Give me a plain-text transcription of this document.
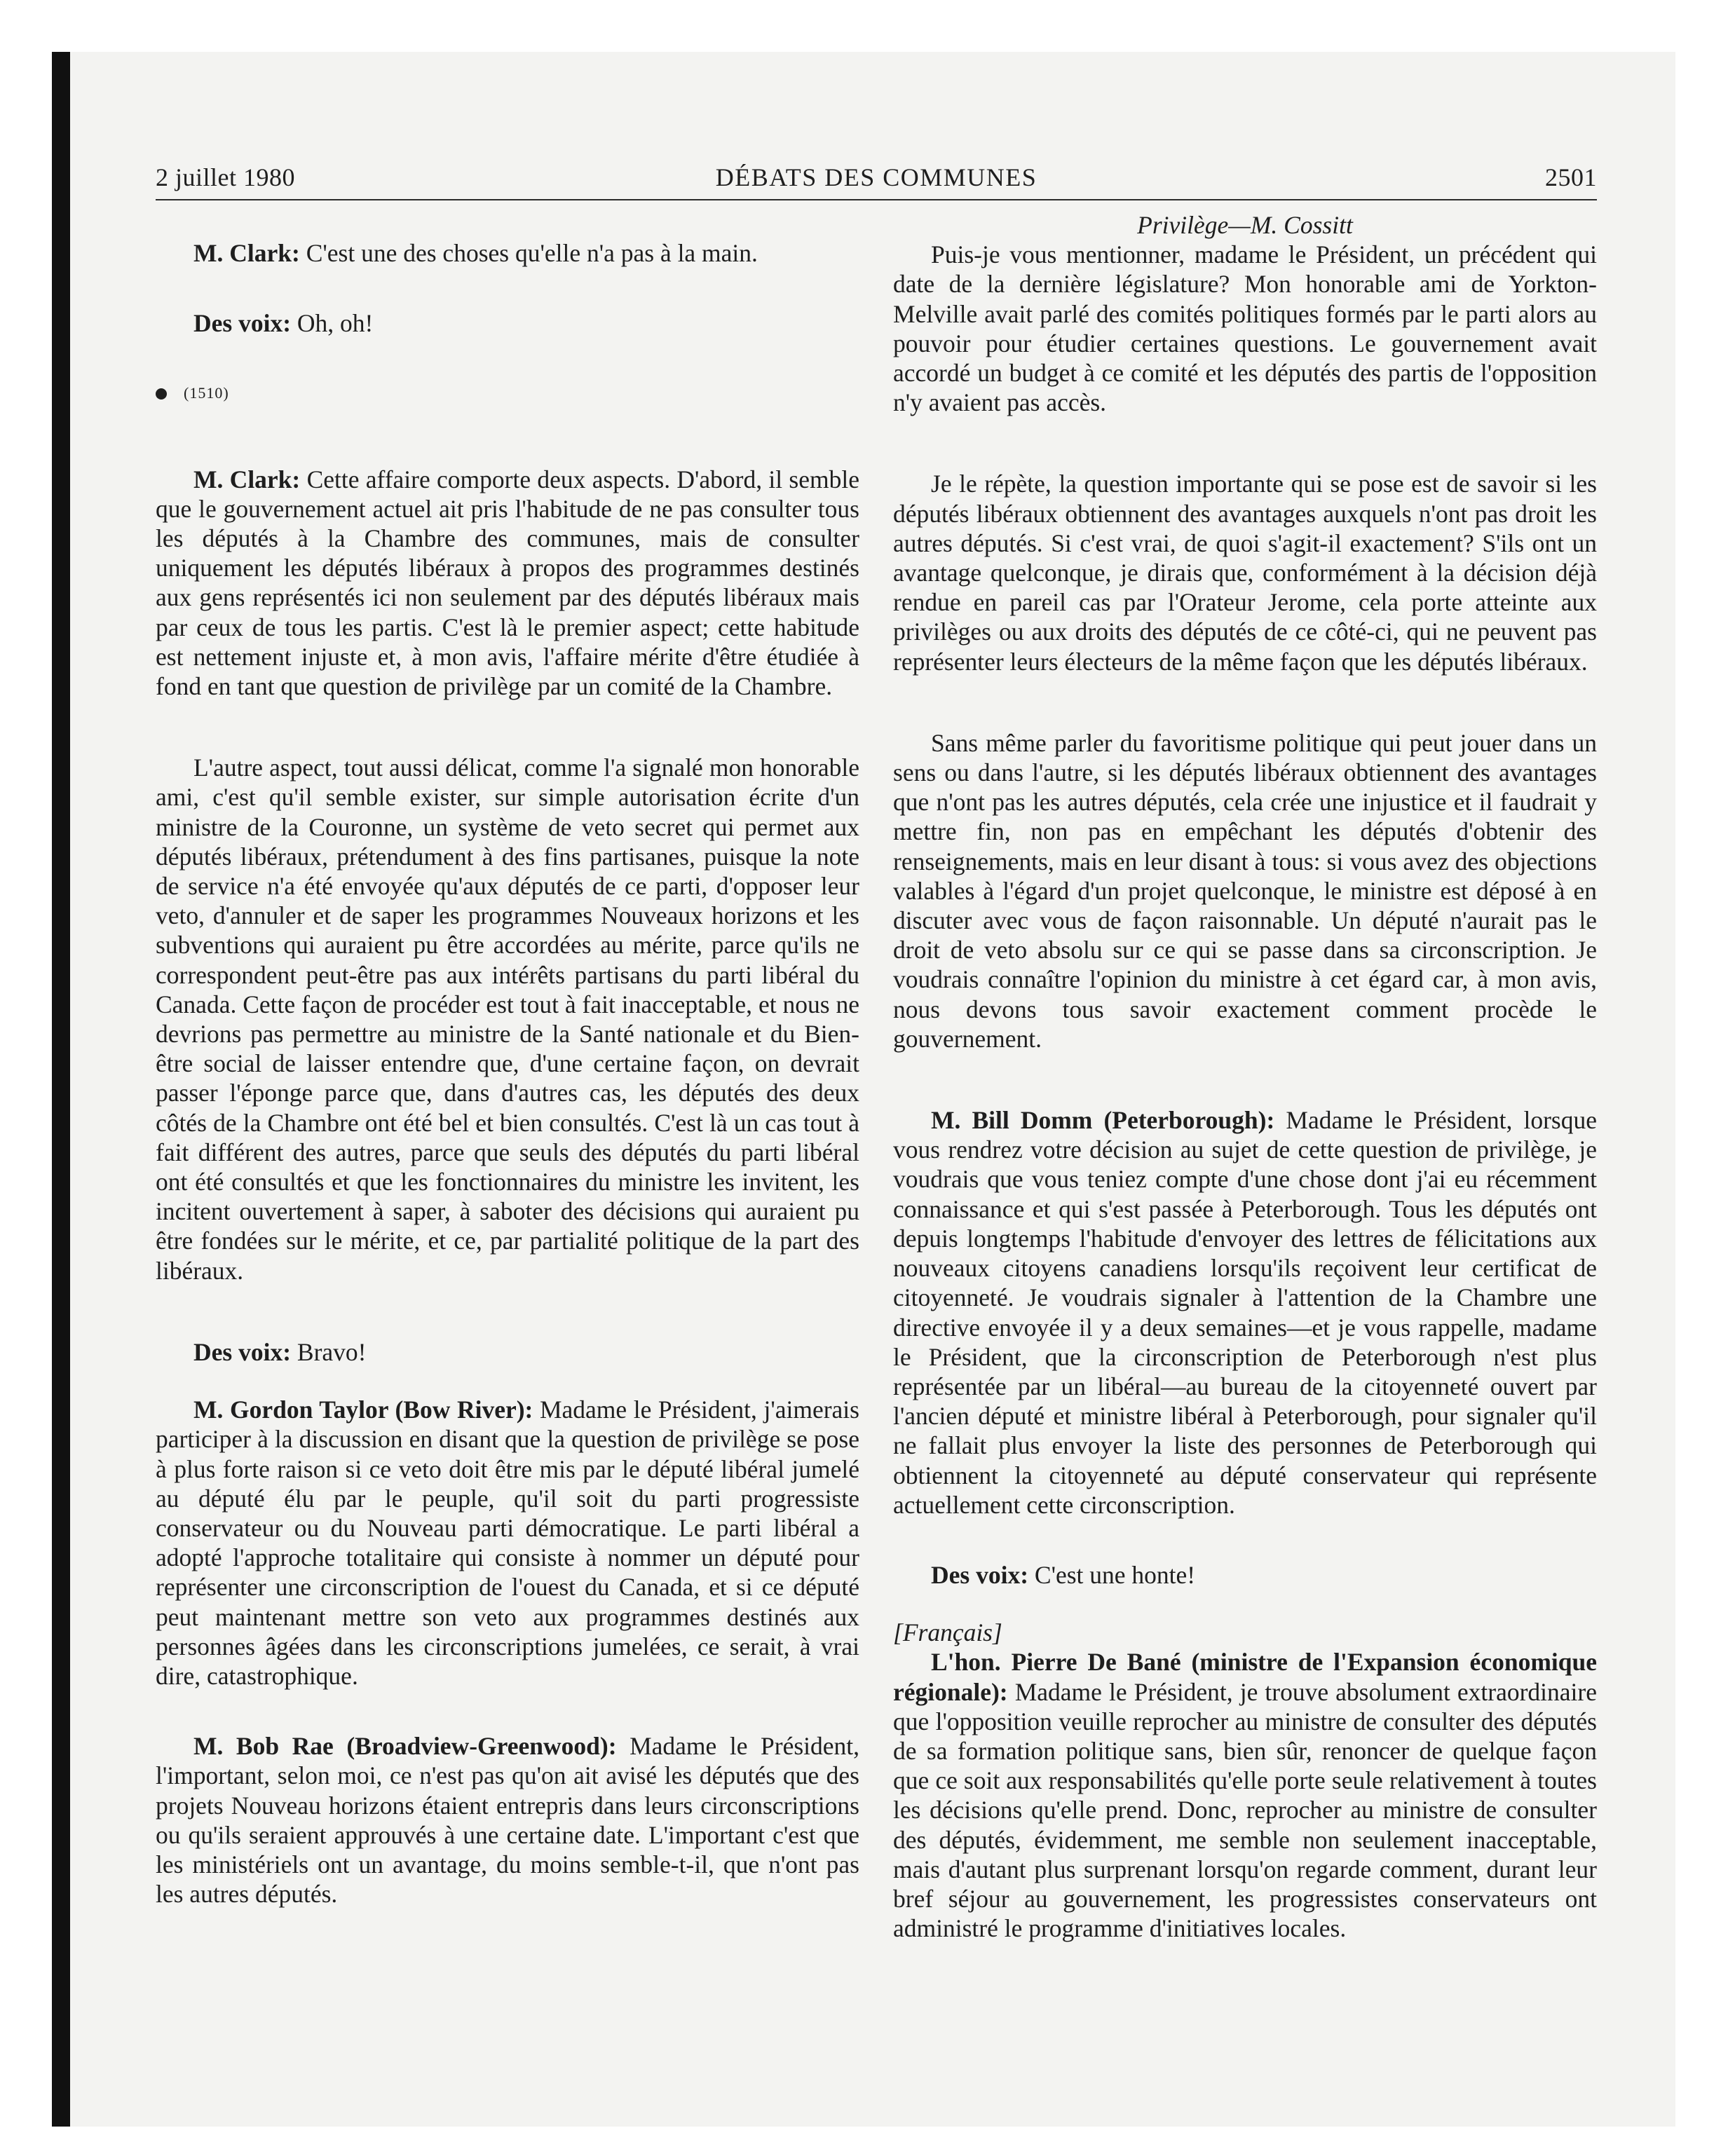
2 juillet 1980	DÉBATS DES COMMUNES	2501

M. Clark: C'est une des choses qu'elle n'a pas à la main.

Des voix: Oh, oh!

(1510)

M. Clark: Cette affaire comporte deux aspects. D'abord, il semble que le gouvernement actuel ait pris l'habitude de ne pas consulter tous les députés à la Chambre des communes, mais de consulter uniquement les députés libéraux à propos des programmes destinés aux gens représentés ici non seulement par des députés libéraux mais par ceux de tous les partis. C'est là le premier aspect; cette habitude est nettement injuste et, à mon avis, l'affaire mérite d'être étudiée à fond en tant que question de privilège par un comité de la Chambre.

L'autre aspect, tout aussi délicat, comme l'a signalé mon honorable ami, c'est qu'il semble exister, sur simple autorisation écrite d'un ministre de la Couronne, un système de veto secret qui permet aux députés libéraux, prétendument à des fins partisanes, puisque la note de service n'a été envoyée qu'aux députés de ce parti, d'opposer leur veto, d'annuler et de saper les programmes Nouveaux horizons et les subventions qui auraient pu être accordées au mérite, parce qu'ils ne correspondent peut-être pas aux intérêts partisans du parti libéral du Canada. Cette façon de procéder est tout à fait inacceptable, et nous ne devrions pas permettre au ministre de la Santé nationale et du Bien-être social de laisser entendre que, d'une certaine façon, on devrait passer l'éponge parce que, dans d'autres cas, les députés des deux côtés de la Chambre ont été bel et bien consultés. C'est là un cas tout à fait différent des autres, parce que seuls des députés du parti libéral ont été consultés et que les fonctionnaires du ministre les invitent, les incitent ouvertement à saper, à saboter des décisions qui auraient pu être fondées sur le mérite, et ce, par partialité politique de la part des libéraux.

Des voix: Bravo!

M. Gordon Taylor (Bow River): Madame le Président, j'aimerais participer à la discussion en disant que la question de privilège se pose à plus forte raison si ce veto doit être mis par le député libéral jumelé au député élu par le peuple, qu'il soit du parti progressiste conservateur ou du Nouveau parti démocratique. Le parti libéral a adopté l'approche totalitaire qui consiste à nommer un député pour représenter une circonscription de l'ouest du Canada, et si ce député peut maintenant mettre son veto aux programmes destinés aux personnes âgées dans les circonscriptions jumelées, ce serait, à vrai dire, catastrophique.

M. Bob Rae (Broadview-Greenwood): Madame le Président, l'important, selon moi, ce n'est pas qu'on ait avisé les députés que des projets Nouveau horizons étaient entrepris dans leurs circonscriptions ou qu'ils seraient approuvés à une certaine date. L'important c'est que les ministériels ont un avantage, du moins semble-t-il, que n'ont pas les autres députés.

Privilège—M. Cossitt

Puis-je vous mentionner, madame le Président, un précédent qui date de la dernière législature? Mon honorable ami de Yorkton-Melville avait parlé des comités politiques formés par le parti alors au pouvoir pour étudier certaines questions. Le gouvernement avait accordé un budget à ce comité et les députés des partis de l'opposition n'y avaient pas accès.

Je le répète, la question importante qui se pose est de savoir si les députés libéraux obtiennent des avantages auxquels n'ont pas droit les autres députés. Si c'est vrai, de quoi s'agit-il exactement? S'ils ont un avantage quelconque, je dirais que, conformément à la décision déjà rendue en pareil cas par l'Orateur Jerome, cela porte atteinte aux privilèges ou aux droits des députés de ce côté-ci, qui ne peuvent pas représenter leurs électeurs de la même façon que les députés libéraux.

Sans même parler du favoritisme politique qui peut jouer dans un sens ou dans l'autre, si les députés libéraux obtiennent des avantages que n'ont pas les autres députés, cela crée une injustice et il faudrait y mettre fin, non pas en empêchant les députés d'obtenir des renseignements, mais en leur disant à tous: si vous avez des objections valables à l'égard d'un projet quelconque, le ministre est déposé à en discuter avec vous de façon raisonnable. Un député n'aurait pas le droit de veto absolu sur ce qui se passe dans sa circonscription. Je voudrais connaître l'opinion du ministre à cet égard car, à mon avis, nous devons tous savoir exactement comment procède le gouvernement.

M. Bill Domm (Peterborough): Madame le Président, lorsque vous rendrez votre décision au sujet de cette question de privilège, je voudrais que vous teniez compte d'une chose dont j'ai eu récemment connaissance et qui s'est passée à Peterborough. Tous les députés ont depuis longtemps l'habitude d'envoyer des lettres de félicitations aux nouveaux citoyens canadiens lorsqu'ils reçoivent leur certificat de citoyenneté. Je voudrais signaler à l'attention de la Chambre une directive envoyée il y a deux semaines—et je vous rappelle, madame le Président, que la circonscription de Peterborough n'est plus représentée par un libéral—au bureau de la citoyenneté ouvert par l'ancien député et ministre libéral à Peterborough, pour signaler qu'il ne fallait plus envoyer la liste des personnes de Peterborough qui obtiennent la citoyenneté au député conservateur qui représente actuellement cette circonscription.

Des voix: C'est une honte!

[Français]

L'hon. Pierre De Bané (ministre de l'Expansion économique régionale): Madame le Président, je trouve absolument extraordinaire que l'opposition veuille reprocher au ministre de consulter des députés de sa formation politique sans, bien sûr, renoncer de quelque façon que ce soit aux responsabilités qu'elle porte seule relativement à toutes les décisions qu'elle prend. Donc, reprocher au ministre de consulter des députés, évidemment, me semble non seulement inacceptable, mais d'autant plus surprenant lorsqu'on regarde comment, durant leur bref séjour au gouvernement, les progressistes conservateurs ont administré le programme d'initiatives locales.
